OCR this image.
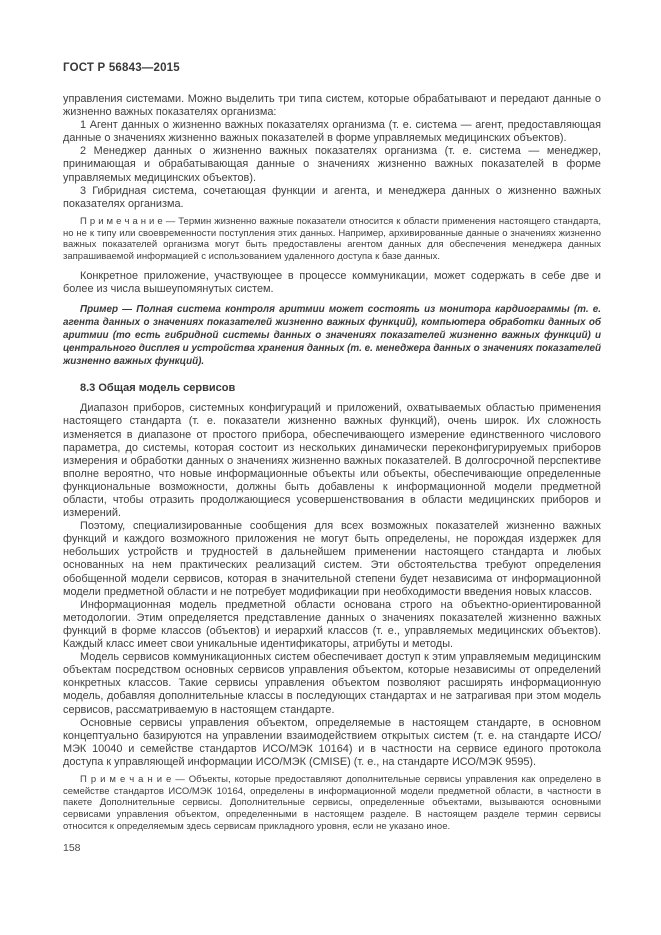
ГОСТ Р 56843—2015

управления системами. Можно выделить три типа систем, которые обрабатывают и передают данные о жизненно важных показателях организма:

1 Агент данных о жизненно важных показателях организма (т. е. система — агент, предоставляющая данные о значениях жизненно важных показателей в форме управляемых медицинских объектов).

2 Менеджер данных о жизненно важных показателях организма (т. е. система — менеджер, принимающая и обрабатывающая данные о значениях жизненно важных показателей в форме управляемых медицинских объектов).

3 Гибридная система, сочетающая функции и агента, и менеджера данных о жизненно важных показателях организма.

П р и м е ч а н и е — Термин жизненно важные показатели относится к области применения настоящего стандарта, но не к типу или своевременности поступления этих данных. Например, архивированные данные о значениях жизненно важных показателей организма могут быть предоставлены агентом данных для обеспечения менеджера данных запрашиваемой информацией с использованием удаленного доступа к базе данных.

Конкретное приложение, участвующее в процессе коммуникации, может содержать в себе две и более из числа вышеупомянутых систем.

Пример — Полная система контроля аритмии может состоять из монитора кардиограммы (т. е. агента данных о значениях показателей жизненно важных функций), компьютера обработки данных об аритмии (то есть гибридной системы данных о значениях показателей жизненно важных функций) и центрального дисплея и устройства хранения данных (т. е. менеджера данных о значениях показателей жизненно важных функций).

8.3 Общая модель сервисов

Диапазон приборов, системных конфигураций и приложений, охватываемых областью применения настоящего стандарта (т. е. показатели жизненно важных функций), очень широк. Их сложность изменяется в диапазоне от простого прибора, обеспечивающего измерение единственного числового параметра, до системы, которая состоит из нескольких динамически переконфигурируемых приборов измерения и обработки данных о значениях жизненно важных показателей. В долгосрочной перспективе вполне вероятно, что новые информационные объекты или объекты, обеспечивающие определенные функциональные возможности, должны быть добавлены к информационной модели предметной области, чтобы отразить продолжающиеся усовершенствования в области медицинских приборов и измерений.

Поэтому, специализированные сообщения для всех возможных показателей жизненно важных функций и каждого возможного приложения не могут быть определены, не порождая издержек для небольших устройств и трудностей в дальнейшем применении настоящего стандарта и любых основанных на нем практических реализаций систем. Эти обстоятельства требуют определения обобщенной модели сервисов, которая в значительной степени будет независима от информационной модели предметной области и не потребует модификации при необходимости введения новых классов.

Информационная модель предметной области основана строго на объектно-ориентированной методологии. Этим определяется представление данных о значениях показателей жизненно важных функций в форме классов (объектов) и иерархий классов (т. е., управляемых медицинских объектов). Каждый класс имеет свои уникальные идентификаторы, атрибуты и методы.

Модель сервисов коммуникационных систем обеспечивает доступ к этим управляемым медицинским объектам посредством основных сервисов управления объектом, которые независимы от определений конкретных классов. Такие сервисы управления объектом позволяют расширять информационную модель, добавляя дополнительные классы в последующих стандартах и не затрагивая при этом модель сервисов, рассматриваемую в настоящем стандарте.

Основные сервисы управления объектом, определяемые в настоящем стандарте, в основном концептуально базируются на управлении взаимодействием открытых систем (т. е. на стандарте ИСО/МЭК 10040 и семействе стандартов ИСО/МЭК 10164) и в частности на сервисе единого протокола доступа к управляющей информации ИСО/МЭК (CMISE) (т. е., на стандарте ИСО/МЭК 9595).

П р и м е ч а н и е — Объекты, которые предоставляют дополнительные сервисы управления как определено в семействе стандартов ИСО/МЭК 10164, определены в информационной модели предметной области, в частности в пакете Дополнительные сервисы. Дополнительные сервисы, определенные объектами, вызываются основными сервисами управления объектом, определенными в настоящем разделе. В настоящем разделе термин сервисы относится к определяемым здесь сервисам прикладного уровня, если не указано иное.

158
